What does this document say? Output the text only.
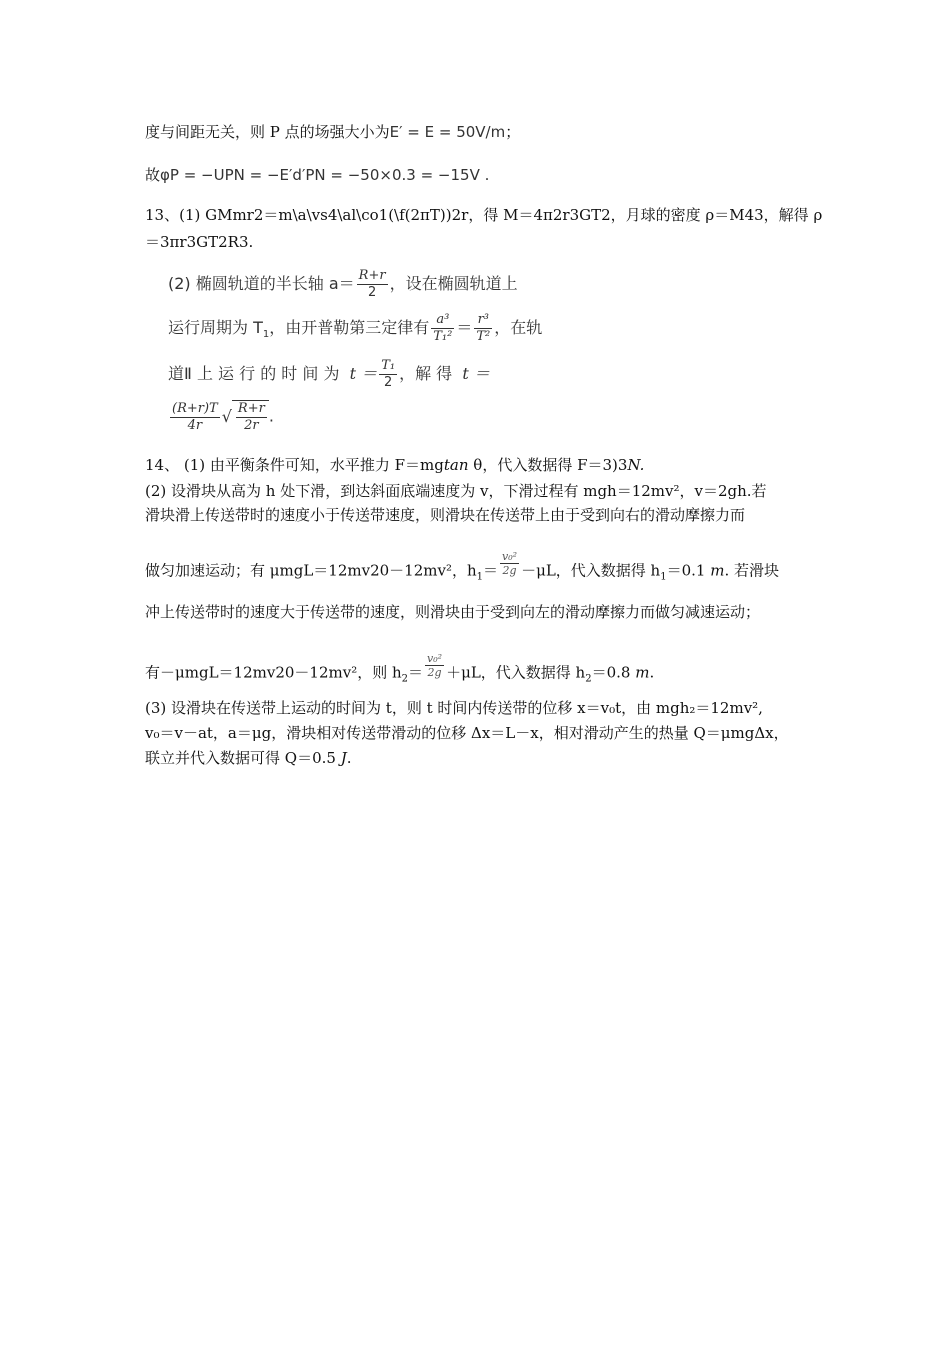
度与间距无关，则 P 点的场强大小为E′ = E = 50V/m；
故φP = −UPN = −E′d′PN = −50×0.3 = −15V .
13、(1) GMmr2＝m\a\vs4\al\co1(\f(2πT))2r，得 M＝4π2r3GT2，月球的密度 ρ＝M43，解得 ρ
＝3πr3GT2R3.
(2) 椭圆轨道的半长轴 $a= \frac{R+r}{2}$ ，设在椭圆轨道上
运行周期为 $T_1$，由开普勒第三定律有 $\frac{\text{a³}}{\text{T₁²}} = \frac{\text{r³}}{\text{T²}}$ ，在轨
道Ⅱ 上 运 行 的 时 间 为 $t = \frac{\text{T₁}}{2}$ ，解 得 t ＝
$\frac{(R+r)T}{4r}$ √ $\frac{R+r}{2r}$ .
14、 (1) 由平衡条件可知，水平推力 F＝mgtan θ，代入数据得 F＝3)3N.
(2) 设滑块从高为 h 处下滑，到达斜面底端速度为 v，下滑过程有 mgh＝12mv²，v＝2gh.若
滑块滑上传送带时的速度小于传送带速度，则滑块在传送带上由于受到向右的滑动摩擦力而
做匀加速运动；有 μmgL＝12mv20－12mv²，$h_1= \frac{\text{v₀²}}{2g} -\mu L$，代入数据得 $h_1=0.1$ m. 若滑块
冲上传送带时的速度大于传送带的速度，则滑块由于受到向左的滑动摩擦力而做匀减速运动；
有－μmgL＝12mv20－12mv²，则 $h_2= \frac{\text{v₀²}}{2g} +\mu L$，代入数据得 $h_2=0.8$ m.
(3) 设滑块在传送带上运动的时间为 t，则 t 时间内传送带的位移 x＝v₀t，由 mgh₂＝12mv²,
v₀＝v－at，a＝μg，滑块相对传送带滑动的位移 Δx＝L－x，相对滑动产生的热量 Q＝μmgΔx，
联立并代入数据可得 Q＝0.5 J.
